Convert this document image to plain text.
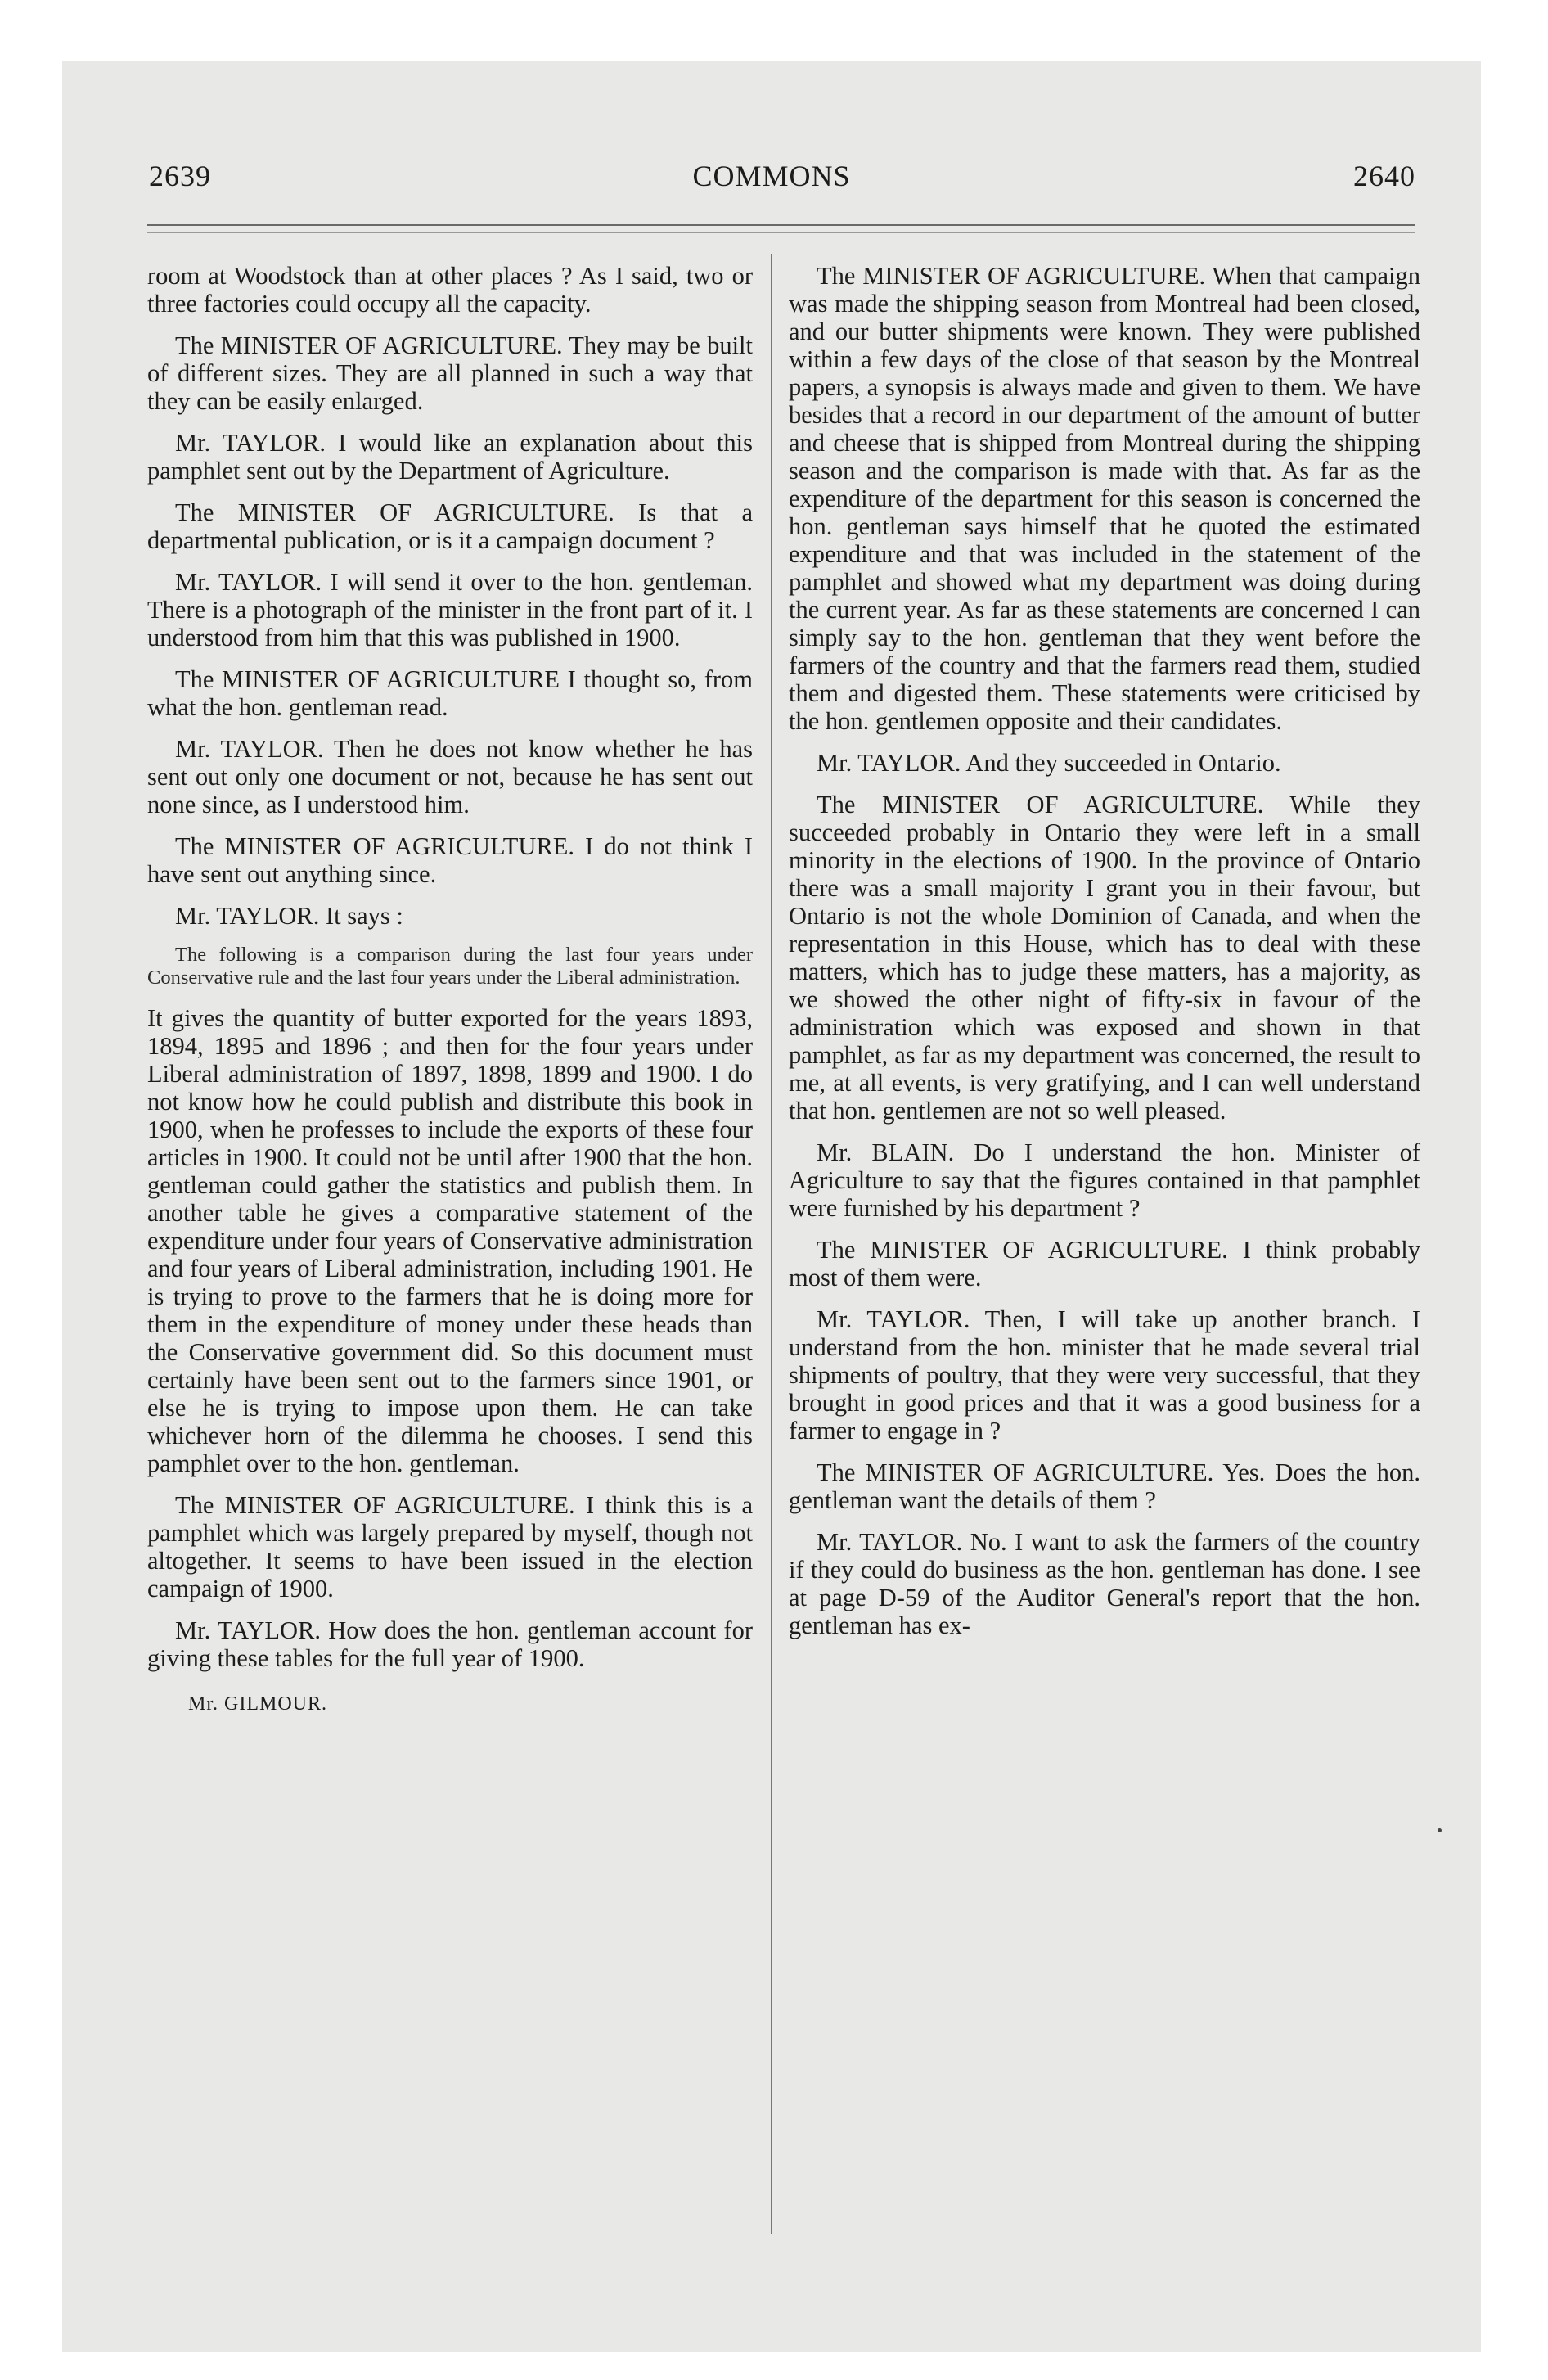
2639	COMMONS	2640

room at Woodstock than at other places ? As I said, two or three factories could occupy all the capacity.

The MINISTER OF AGRICULTURE. They may be built of different sizes. They are all planned in such a way that they can be easily enlarged.

Mr. TAYLOR. I would like an explanation about this pamphlet sent out by the Department of Agriculture.

The MINISTER OF AGRICULTURE. Is that a departmental publication, or is it a campaign document ?

Mr. TAYLOR. I will send it over to the hon. gentleman. There is a photograph of the minister in the front part of it. I understood from him that this was published in 1900.

The MINISTER OF AGRICULTURE I thought so, from what the hon. gentleman read.

Mr. TAYLOR. Then he does not know whether he has sent out only one document or not, because he has sent out none since, as I understood him.

The MINISTER OF AGRICULTURE. I do not think I have sent out anything since.

Mr. TAYLOR. It says :

The following is a comparison during the last four years under Conservative rule and the last four years under the Liberal administration.

It gives the quantity of butter exported for the years 1893, 1894, 1895 and 1896 ; and then for the four years under Liberal administration of 1897, 1898, 1899 and 1900. I do not know how he could publish and distribute this book in 1900, when he professes to include the exports of these four articles in 1900. It could not be until after 1900 that the hon. gentleman could gather the statistics and publish them. In another table he gives a comparative statement of the expenditure under four years of Conservative administration and four years of Liberal administration, including 1901. He is trying to prove to the farmers that he is doing more for them in the expenditure of money under these heads than the Conservative government did. So this document must certainly have been sent out to the farmers since 1901, or else he is trying to impose upon them. He can take whichever horn of the dilemma he chooses. I send this pamphlet over to the hon. gentleman.

The MINISTER OF AGRICULTURE. I think this is a pamphlet which was largely prepared by myself, though not altogether. It seems to have been issued in the election campaign of 1900.

Mr. TAYLOR. How does the hon. gentleman account for giving these tables for the full year of 1900.

Mr. GILMOUR.

The MINISTER OF AGRICULTURE. When that campaign was made the shipping season from Montreal had been closed, and our butter shipments were known. They were published within a few days of the close of that season by the Montreal papers, a synopsis is always made and given to them. We have besides that a record in our department of the amount of butter and cheese that is shipped from Montreal during the shipping season and the comparison is made with that. As far as the expenditure of the department for this season is concerned the hon. gentleman says himself that he quoted the estimated expenditure and that was included in the statement of the pamphlet and showed what my department was doing during the current year. As far as these statements are concerned I can simply say to the hon. gentleman that they went before the farmers of the country and that the farmers read them, studied them and digested them. These statements were criticised by the hon. gentlemen opposite and their candidates.

Mr. TAYLOR. And they succeeded in Ontario.

The MINISTER OF AGRICULTURE. While they succeeded probably in Ontario they were left in a small minority in the elections of 1900. In the province of Ontario there was a small majority I grant you in their favour, but Ontario is not the whole Dominion of Canada, and when the representation in this House, which has to deal with these matters, which has to judge these matters, has a majority, as we showed the other night of fifty-six in favour of the administration which was exposed and shown in that pamphlet, as far as my department was concerned, the result to me, at all events, is very gratifying, and I can well understand that hon. gentlemen are not so well pleased.

Mr. BLAIN. Do I understand the hon. Minister of Agriculture to say that the figures contained in that pamphlet were furnished by his department ?

The MINISTER OF AGRICULTURE. I think probably most of them were.

Mr. TAYLOR. Then, I will take up another branch. I understand from the hon. minister that he made several trial shipments of poultry, that they were very successful, that they brought in good prices and that it was a good business for a farmer to engage in ?

The MINISTER OF AGRICULTURE. Yes. Does the hon. gentleman want the details of them ?

Mr. TAYLOR. No. I want to ask the farmers of the country if they could do business as the hon. gentleman has done. I see at page D-59 of the Auditor General's report that the hon. gentleman has ex-
